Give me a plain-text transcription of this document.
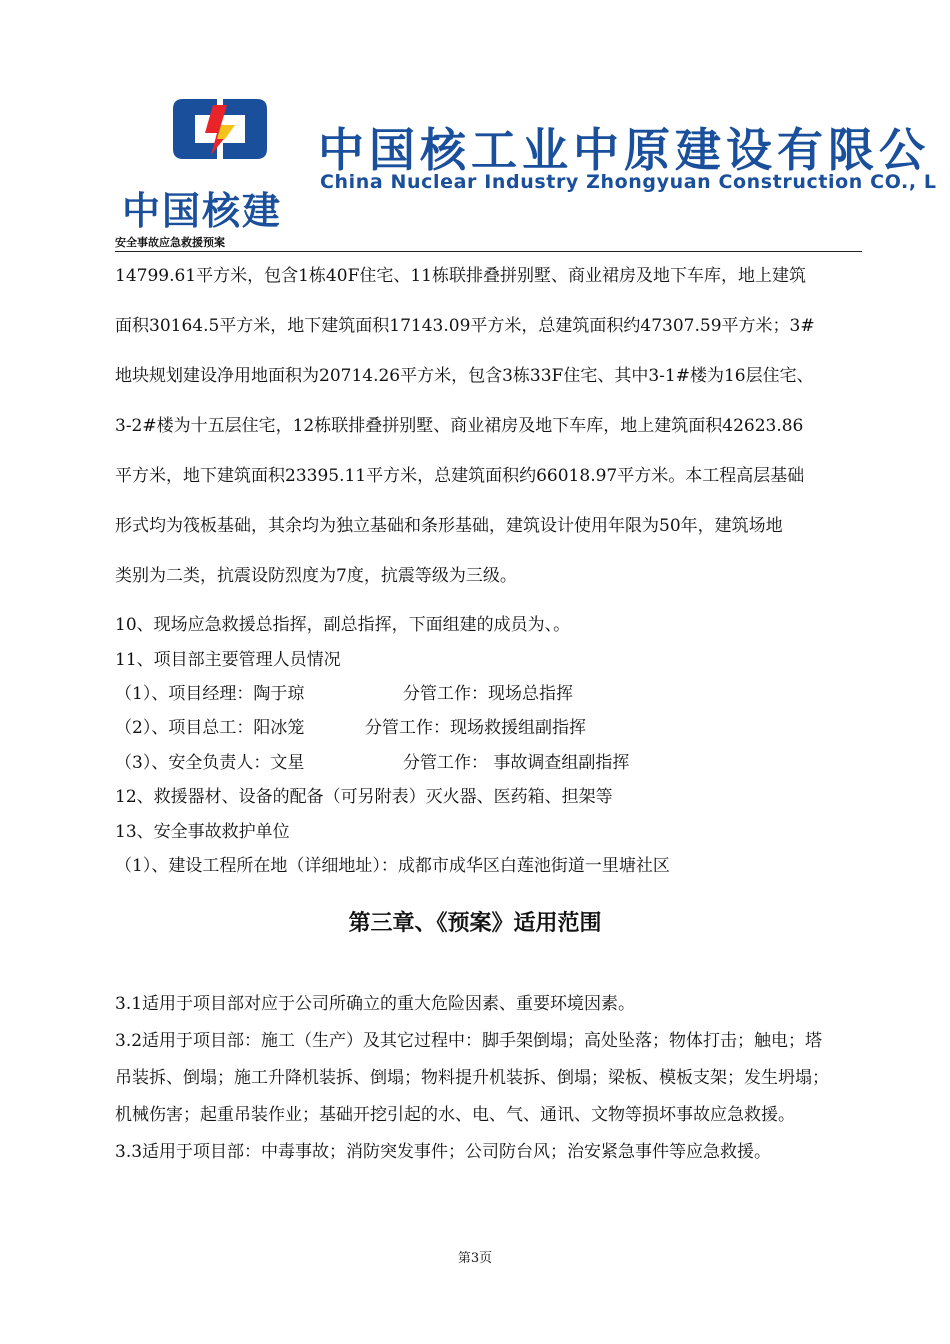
中国核建
中国核工业中原建设有限公
China Nuclear Industry Zhongyuan Construction CO., L
安全事故应急救援预案
14799.61平方米，包含1栋40F住宅、11栋联排叠拼别墅、商业裙房及地下车库，地上建筑
面积30164.5平方米，地下建筑面积17143.09平方米，总建筑面积约47307.59平方米；3#
地块规划建设净用地面积为20714.26平方米，包含3栋33F住宅、其中3-1#楼为16层住宅、
3-2#楼为十五层住宅，12栋联排叠拼别墅、商业裙房及地下车库，地上建筑面积42623.86
平方米，地下建筑面积23395.11平方米，总建筑面积约66018.97平方米。本工程高层基础
形式均为筏板基础，其余均为独立基础和条形基础，建筑设计使用年限为50年，建筑场地
类别为二类，抗震设防烈度为7度，抗震等级为三级。
10、现场应急救援总指挥，副总指挥，下面组建的成员为、。
11、项目部主要管理人员情况
（1）、项目经理：陶于琼	分管工作：现场总指挥
（2）、项目总工：阳冰笼	分管工作：现场救援组副指挥
（3）、安全负责人：文星	分管工作： 事故调查组副指挥
12、救援器材、设备的配备（可另附表）灭火器、医药箱、担架等
13、安全事故救护单位
（1）、建设工程所在地（详细地址）：成都市成华区白莲池街道一里塘社区
第三章、《预案》适用范围
3.1适用于项目部对应于公司所确立的重大危险因素、重要环境因素。
3.2适用于项目部：施工（生产）及其它过程中：脚手架倒塌；高处坠落；物体打击；触电；塔
吊装拆、倒塌；施工升降机装拆、倒塌；物料提升机装拆、倒塌；梁板、模板支架；发生坍塌；
机械伤害；起重吊装作业；基础开挖引起的水、电、气、通讯、文物等损坏事故应急救援。
3.3适用于项目部：中毒事故；消防突发事件；公司防台风；治安紧急事件等应急救援。
第3页
